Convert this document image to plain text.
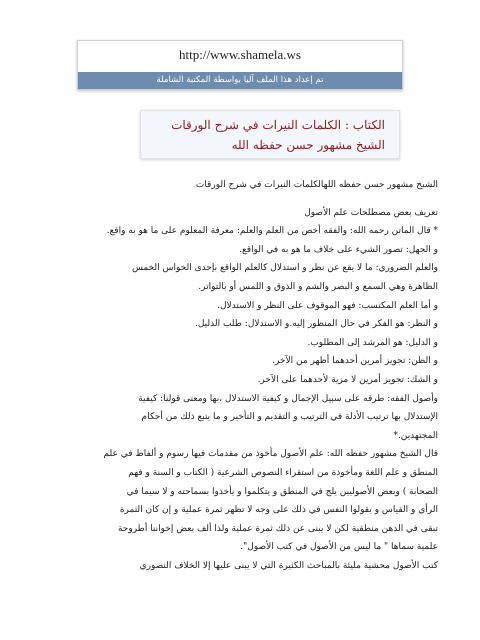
http://www.shamela.ws
تم إعداد هذا الملف آليا بواسطة المكتبة الشاملة
الكتاب : الكلمات النيرات في شرح الورقات
الشيخ مشهور حسن حفظه الله

الشيخ مشهور حسن حفظه اللهالكلمات النيرات في شرح الورقات

تعريف بعض مصطلحات علم الأصول

* قال الماتن رحمه الله: والفقه أخص من العلم والعلم: معرفة المعلوم على ما هو به واقع.

و الجهل: تصور الشيء على خلاف ما هو به في الواقع.

والعلم الضروري: ما لا يقع عن نظر و استدلال كالعلم الواقع بإحدى الحواس الخمس

الظاهرة وهي السمع و البصر والشم و الذوق و اللمس أو بالتواتر.

و أما العلم المكتسب: فهو الموقوف على النظر و الاستدلال.

و النظر: هو الفكر في حال المنظور إليه.و الاستدلال: طلب الدليل.

و الدليل: هو المرشد إلى المطلوب.

و الظن: تجويز أمرين أحدهما أظهر من الآخر.

و الشك: تجويز أمرين لا مزية لأحدهما على الآخر.

وأصول الفقه: طرقه على سبيل الإجمال و كيفية الاستدلال ،بها ومعنى قولنا: كيفية

الإستدلال بها ترتيب الأدلة في الترتيب و التقديم و التأخير و ما يتبع ذلك من أحكام

المجتهدين.*

قال الشيخ مشهور حفظه الله: علم الأصول مأخوذ من مقدمات فيها رسوم و ألفاظ في علم

المنطق و علم اللغة ومأخوذة من استقراء النصوص الشرعية ( الكتاب و السنة و فهم

الصحابة ) وبعض الأصوليين يلج في المنطق و يتكلموا و يأخذوا بسماحته و لا سيما في

الرأي و القياس و يقولوا النفس في ذلك على وجه لا تظهر ثمرة عملية و إن كان الثمرة

تبقى في الذهن منطقية لكن لا يبنى عن ذلك ثمرة عملية ولذا ألف بعض إخواننا أطروحة

علمية سماها " ما ليس من الأصول في كتب الأصول".

كتب الأصول محشية مليئة بالمباحث الكثيرة التي لا يبنى عليها إلا الخلاف النصوري
